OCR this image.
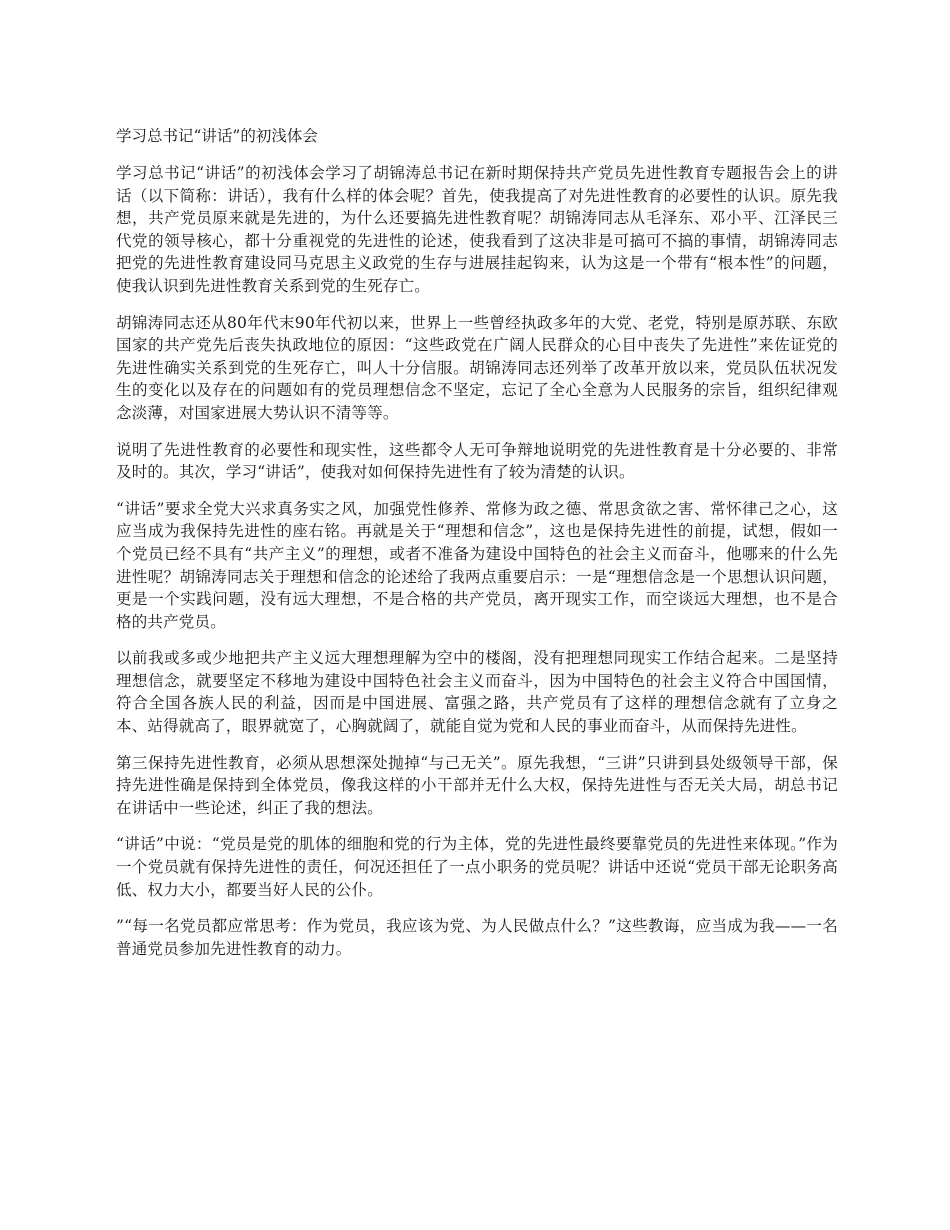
学习总书记“讲话”的初浅体会

学习总书记“讲话”的初浅体会学习了胡锦涛总书记在新时期保持共产党员先进性教育专题报告会上的讲话（以下简称：讲话），我有什么样的体会呢？首先，使我提高了对先进性教育的必要性的认识。原先我想，共产党员原来就是先进的，为什么还要搞先进性教育呢？胡锦涛同志从毛泽东、邓小平、江泽民三代党的领导核心，都十分重视党的先进性的论述，使我看到了这决非是可搞可不搞的事情，胡锦涛同志把党的先进性教育建设同马克思主义政党的生存与进展挂起钩来，认为这是一个带有“根本性”的问题，使我认识到先进性教育关系到党的生死存亡。

胡锦涛同志还从80年代末90年代初以来，世界上一些曾经执政多年的大党、老党，特别是原苏联、东欧国家的共产党先后丧失执政地位的原因：“这些政党在广阔人民群众的心目中丧失了先进性”来佐证党的先进性确实关系到党的生死存亡，叫人十分信服。胡锦涛同志还列举了改革开放以来，党员队伍状况发生的变化以及存在的问题如有的党员理想信念不坚定，忘记了全心全意为人民服务的宗旨，组织纪律观念淡薄，对国家进展大势认识不清等等。

说明了先进性教育的必要性和现实性，这些都令人无可争辩地说明党的先进性教育是十分必要的、非常及时的。其次，学习“讲话”，使我对如何保持先进性有了较为清楚的认识。

“讲话”要求全党大兴求真务实之风，加强党性修养、常修为政之德、常思贪欲之害、常怀律己之心，这应当成为我保持先进性的座右铭。再就是关于“理想和信念”，这也是保持先进性的前提，试想，假如一个党员已经不具有“共产主义”的理想，或者不准备为建设中国特色的社会主义而奋斗，他哪来的什么先进性呢？胡锦涛同志关于理想和信念的论述给了我两点重要启示：一是“理想信念是一个思想认识问题，更是一个实践问题，没有远大理想，不是合格的共产党员，离开现实工作，而空谈远大理想，也不是合格的共产党员。

以前我或多或少地把共产主义远大理想理解为空中的楼阁，没有把理想同现实工作结合起来。二是坚持理想信念，就要坚定不移地为建设中国特色社会主义而奋斗，因为中国特色的社会主义符合中国国情，符合全国各族人民的利益，因而是中国进展、富强之路，共产党员有了这样的理想信念就有了立身之本、站得就高了，眼界就宽了，心胸就阔了，就能自觉为党和人民的事业而奋斗，从而保持先进性。

第三保持先进性教育，必须从思想深处抛掉“与己无关”。原先我想，“三讲”只讲到县处级领导干部，保持先进性确是保持到全体党员，像我这样的小干部并无什么大权，保持先进性与否无关大局，胡总书记在讲话中一些论述，纠正了我的想法。

“讲话”中说：“党员是党的肌体的细胞和党的行为主体，党的先进性最终要靠党员的先进性来体现。”作为一个党员就有保持先进性的责任，何况还担任了一点小职务的党员呢？讲话中还说“党员干部无论职务高低、权力大小，都要当好人民的公仆。

”“每一名党员都应常思考：作为党员，我应该为党、为人民做点什么？”这些教诲，应当成为我——一名普通党员参加先进性教育的动力。
